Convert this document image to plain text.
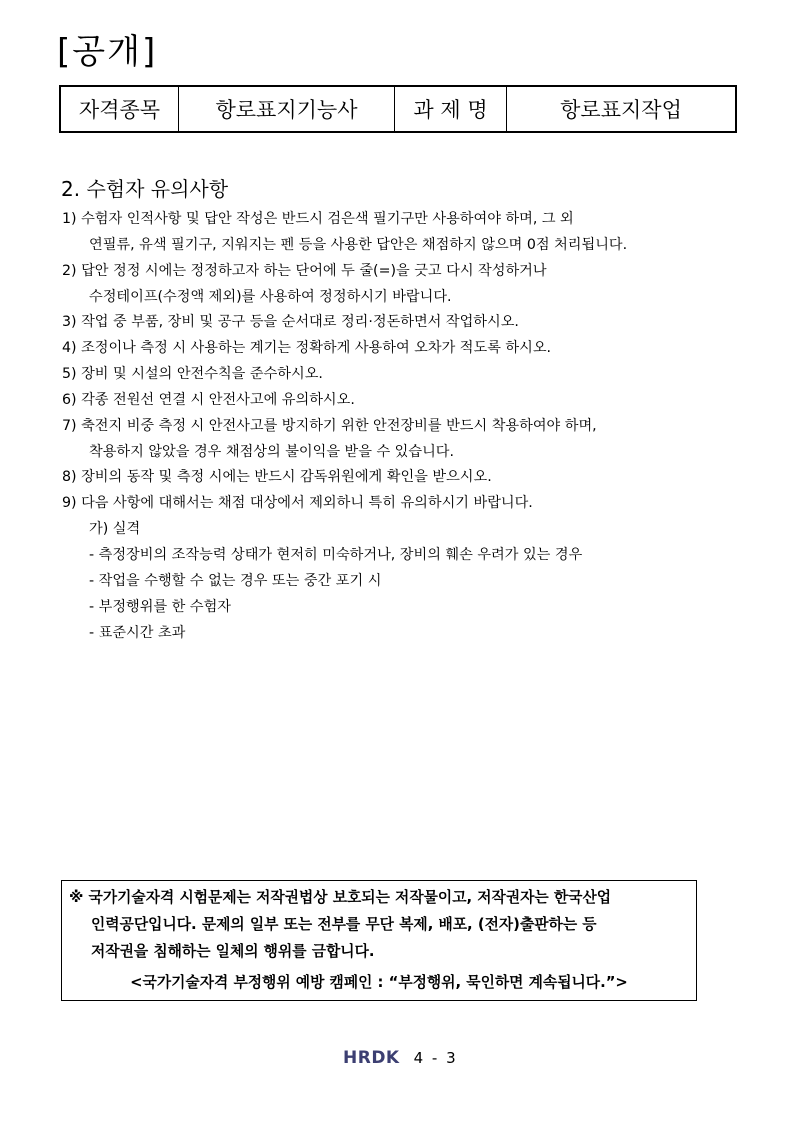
[공개]
자격종목	항로표지기능사	과 제 명	항로표지작업
2. 수험자 유의사항
1) 수험자 인적사항 및 답안 작성은 반드시 검은색 필기구만 사용하여야 하며, 그 외
연필류, 유색 필기구, 지워지는 펜 등을 사용한 답안은 채점하지 않으며 0점 처리됩니다.
2) 답안 정정 시에는 정정하고자 하는 단어에 두 줄(=)을 긋고 다시 작성하거나
수정테이프(수정액 제외)를 사용하여 정정하시기 바랍니다.
3) 작업 중 부품, 장비 및 공구 등을 순서대로 정리·정돈하면서 작업하시오.
4) 조정이나 측정 시 사용하는 계기는 정확하게 사용하여 오차가 적도록 하시오.
5) 장비 및 시설의 안전수칙을 준수하시오.
6) 각종 전원선 연결 시 안전사고에 유의하시오.
7) 축전지 비중 측정 시 안전사고를 방지하기 위한 안전장비를 반드시 착용하여야 하며,
착용하지 않았을 경우 채점상의 불이익을 받을 수 있습니다.
8) 장비의 동작 및 측정 시에는 반드시 감독위원에게 확인을 받으시오.
9) 다음 사항에 대해서는 채점 대상에서 제외하니 특히 유의하시기 바랍니다.
가) 실격
- 측정장비의 조작능력 상태가 현저히 미숙하거나, 장비의 훼손 우려가 있는 경우
- 작업을 수행할 수 없는 경우 또는 중간 포기 시
- 부정행위를 한 수험자
- 표준시간 초과
※ 국가기술자격 시험문제는 저작권법상 보호되는 저작물이고, 저작권자는 한국산업
인력공단입니다. 문제의 일부 또는 전부를 무단 복제, 배포, (전자)출판하는 등
저작권을 침해하는 일체의 행위를 금합니다.
<국가기술자격 부정행위 예방 캠페인 : “부정행위, 묵인하면 계속됩니다.”>
HRDK 4 - 3
